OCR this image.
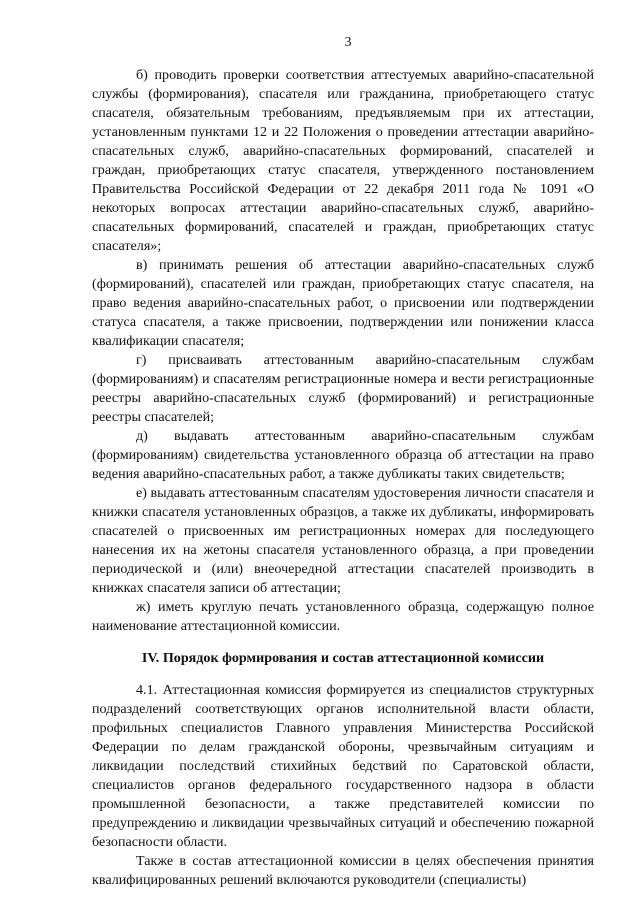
3

б) проводить проверки соответствия аттестуемых аварийно-спасательной службы (формирования), спасателя или гражданина, приобретающего статус спасателя, обязательным требованиям, предъявляемым при их аттестации, установленным пунктами 12 и 22 Положения о проведении аттестации аварийно-спасательных служб, аварийно-спасательных формирований, спасателей и граждан, приобретающих статус спасателя, утвержденного постановлением Правительства Российской Федерации от 22 декабря 2011 года № 1091 «О некоторых вопросах аттестации аварийно-спасательных служб, аварийно-спасательных формирований, спасателей и граждан, приобретающих статус спасателя»;

в) принимать решения об аттестации аварийно-спасательных служб (формирований), спасателей или граждан, приобретающих статус спасателя, на право ведения аварийно-спасательных работ, о присвоении или подтверждении статуса спасателя, а также присвоении, подтверждении или понижении класса квалификации спасателя;

г) присваивать аттестованным аварийно-спасательным службам (формированиям) и спасателям регистрационные номера и вести регистрационные реестры аварийно-спасательных служб (формирований) и регистрационные реестры спасателей;

д) выдавать аттестованным аварийно-спасательным службам (формированиям) свидетельства установленного образца об аттестации на право ведения аварийно-спасательных работ, а также дубликаты таких свидетельств;

е) выдавать аттестованным спасателям удостоверения личности спасателя и книжки спасателя установленных образцов, а также их дубликаты, информировать спасателей о присвоенных им регистрационных номерах для последующего нанесения их на жетоны спасателя установленного образца, а при проведении периодической и (или) внеочередной аттестации спасателей производить в книжках спасателя записи об аттестации;

ж) иметь круглую печать установленного образца, содержащую полное наименование аттестационной комиссии.

IV. Порядок формирования и состав аттестационной комиссии

4.1. Аттестационная комиссия формируется из специалистов структурных подразделений соответствующих органов исполнительной власти области, профильных специалистов Главного управления Министерства Российской Федерации по делам гражданской обороны, чрезвычайным ситуациям и ликвидации последствий стихийных бедствий по Саратовской области, специалистов органов федерального государственного надзора в области промышленной безопасности, а также представителей комиссии по предупреждению и ликвидации чрезвычайных ситуаций и обеспечению пожарной безопасности области.

Также в состав аттестационной комиссии в целях обеспечения принятия квалифицированных решений включаются руководители (специалисты)
